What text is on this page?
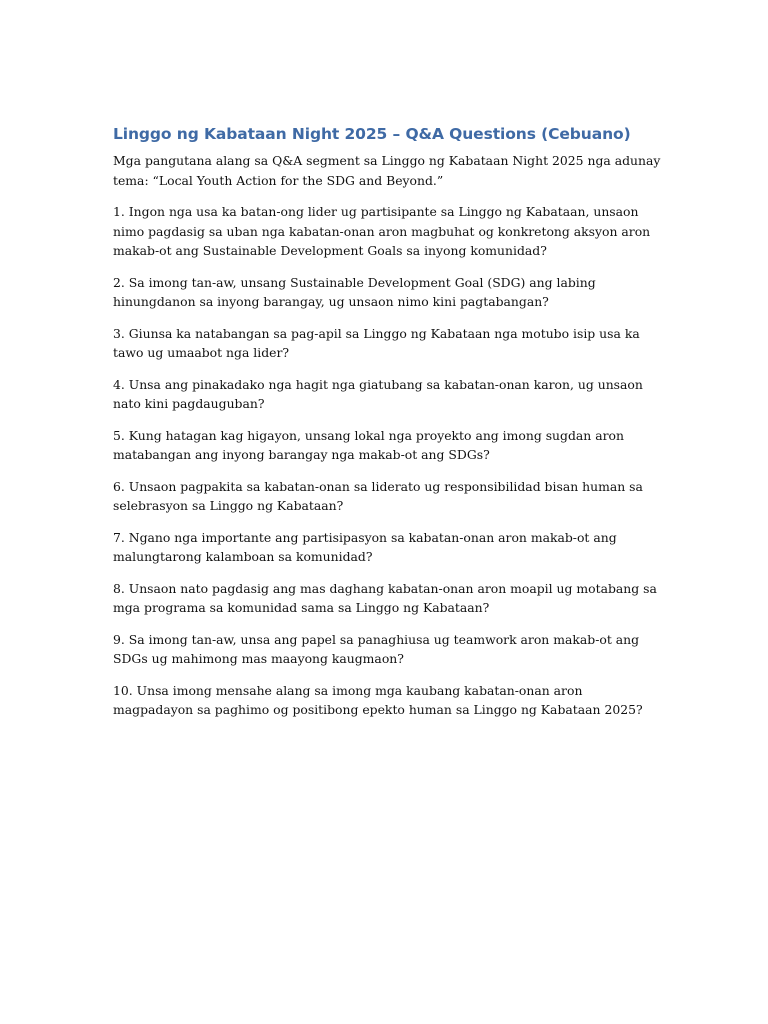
Linggo ng Kabataan Night 2025 – Q&A Questions (Cebuano)

Mga pangutana alang sa Q&A segment sa Linggo ng Kabataan Night 2025 nga adunay tema: “Local Youth Action for the SDG and Beyond.”

1. Ingon nga usa ka batan-ong lider ug partisipante sa Linggo ng Kabataan, unsaon nimo pagdasig sa uban nga kabatan-onan aron magbuhat og konkretong aksyon aron makab-ot ang Sustainable Development Goals sa inyong komunidad?

2. Sa imong tan-aw, unsang Sustainable Development Goal (SDG) ang labing hinungdanon sa inyong barangay, ug unsaon nimo kini pagtabangan?

3. Giunsa ka natabangan sa pag-apil sa Linggo ng Kabataan nga motubo isip usa ka tawo ug umaabot nga lider?

4. Unsa ang pinakadako nga hagit nga giatubang sa kabatan-onan karon, ug unsaon nato kini pagdauguban?

5. Kung hatagan kag higayon, unsang lokal nga proyekto ang imong sugdan aron matabangan ang inyong barangay nga makab-ot ang SDGs?

6. Unsaon pagpakita sa kabatan-onan sa liderato ug responsibilidad bisan human sa selebrasyon sa Linggo ng Kabataan?

7. Ngano nga importante ang partisipasyon sa kabatan-onan aron makab-ot ang malungtarong kalamboan sa komunidad?

8. Unsaon nato pagdasig ang mas daghang kabatan-onan aron moapil ug motabang sa mga programa sa komunidad sama sa Linggo ng Kabataan?

9. Sa imong tan-aw, unsa ang papel sa panaghiusa ug teamwork aron makab-ot ang SDGs ug mahimong mas maayong kaugmaon?

10. Unsa imong mensahe alang sa imong mga kaubang kabatan-onan aron magpadayon sa paghimo og positibong epekto human sa Linggo ng Kabataan 2025?
